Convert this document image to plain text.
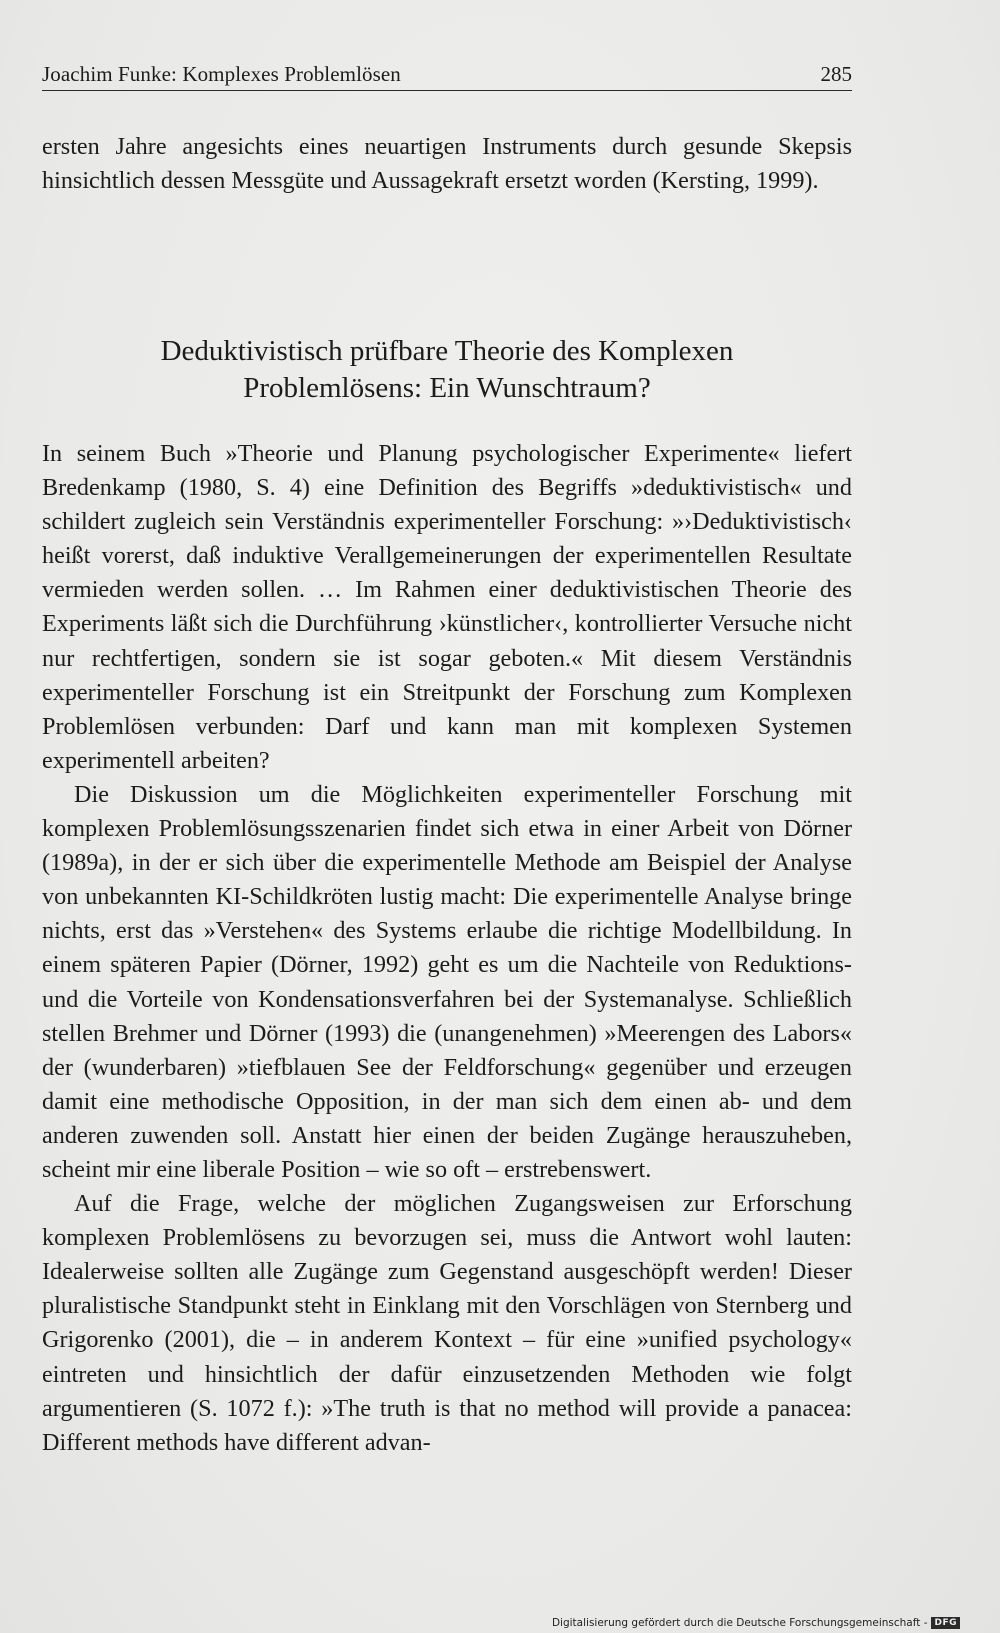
Joachim Funke: Komplexes Problemlösen	285

ersten Jahre angesichts eines neuartigen Instruments durch gesunde Skepsis hinsichtlich dessen Messgüte und Aussagekraft ersetzt worden (Kersting, 1999).

Deduktivistisch prüfbare Theorie des Komplexen
Problemlösens: Ein Wunschtraum?

In seinem Buch »Theorie und Planung psychologischer Experimente« liefert Bredenkamp (1980, S. 4) eine Definition des Begriffs »deduktivistisch« und schildert zugleich sein Verständnis experimenteller Forschung: »›Deduktivistisch‹ heißt vorerst, daß induktive Verallgemeinerungen der experimentellen Resultate vermieden werden sollen. … Im Rahmen einer deduktivistischen Theorie des Experiments läßt sich die Durchführung ›künstlicher‹, kontrollierter Versuche nicht nur rechtfertigen, sondern sie ist sogar geboten.« Mit diesem Verständnis experimenteller Forschung ist ein Streitpunkt der Forschung zum Komplexen Problemlösen verbunden: Darf und kann man mit komplexen Systemen experimentell arbeiten?

Die Diskussion um die Möglichkeiten experimenteller Forschung mit komplexen Problemlösungsszenarien findet sich etwa in einer Arbeit von Dörner (1989a), in der er sich über die experimentelle Methode am Beispiel der Analyse von unbekannten KI-Schildkröten lustig macht: Die experimentelle Analyse bringe nichts, erst das »Verstehen« des Systems erlaube die richtige Modellbildung. In einem späteren Papier (Dörner, 1992) geht es um die Nachteile von Reduktions- und die Vorteile von Kondensationsverfahren bei der Systemanalyse. Schließlich stellen Brehmer und Dörner (1993) die (unangenehmen) »Meerengen des Labors« der (wunderbaren) »tiefblauen See der Feldforschung« gegenüber und erzeugen damit eine methodische Opposition, in der man sich dem einen ab- und dem anderen zuwenden soll. Anstatt hier einen der beiden Zugänge herauszuheben, scheint mir eine liberale Position – wie so oft – erstrebenswert.

Auf die Frage, welche der möglichen Zugangsweisen zur Erforschung komplexen Problemlösens zu bevorzugen sei, muss die Antwort wohl lauten: Idealerweise sollten alle Zugänge zum Gegenstand ausgeschöpft werden! Dieser pluralistische Standpunkt steht in Einklang mit den Vorschlägen von Sternberg und Grigorenko (2001), die – in anderem Kontext – für eine »unified psychology« eintreten und hinsichtlich der dafür einzusetzenden Methoden wie folgt argumentieren (S. 1072 f.): »The truth is that no method will provide a panacea: Different methods have different advan-

Digitalisierung gefördert durch die Deutsche Forschungsgemeinschaft - DFG
